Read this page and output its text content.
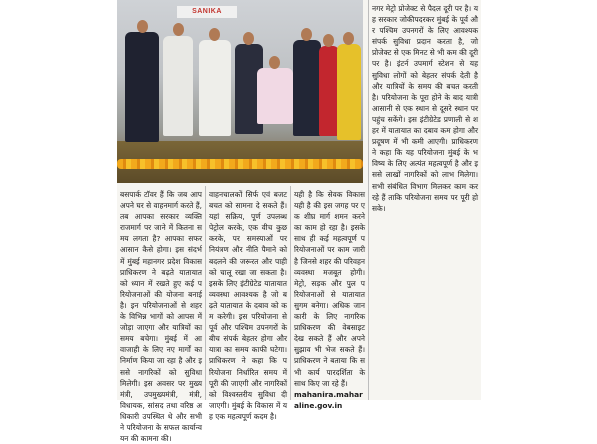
SANIKA

बसपार्क टॉवर हैं कि जब आप अपने घर से वाहनमार्ग करते हैं, तब आपका सरकार व्यक्ति राजमार्ग पर जाने में कितना समय लगता है? आपका सफर आसान कैसे होगा। इस संदर्भ में मुंबई महानगर प्रदेश विकास प्राधिकरण ने बढ़ते यातायात को ध्यान में रखते हुए कई परियोजनाओं की योजना बनाई है। इन परियोजनाओं से शहर के विभिन्न भागों को आपस में जोड़ा जाएगा और यात्रियों का समय बचेगा। मुंबई में आवाजाही के लिए नए मार्गों का निर्माण किया जा रहा है और इससे नागरिकों को सुविधा मिलेगी। इस अवसर पर मुख्यमंत्री, उपमुख्यमंत्री, मंत्री, विधायक, सांसद तथा वरिष्ठ अधिकारी उपस्थित थे और सभी ने परियोजना के सफल कार्यान्वयन की कामना की।

वाहनचालकों सिर्फ एवं बजटबचत को सामना दे सकते हैं। यहां सक्रिय, पूर्ण उपलब्ध पेट्रोल करके, एक वीच कुछ करके, पर समस्याओं पर नियंत्रण और नीति पैमाने को बदलने की जरूरत और पाही को चालू रखा जा सकता है। इसके लिए इंटीग्रेटेड यातायात व्यवस्था आवश्यक है जो बढ़ते यातायात के दबाव को कम करेगी। इस परियोजना से पूर्व और पश्चिम उपनगरों के बीच संपर्क बेहतर होगा और यात्रा का समय काफी घटेगा। प्राधिकरण ने कहा कि परियोजना निर्धारित समय में पूरी की जाएगी और नागरिकों को विश्वस्तरीय सुविधा दी जाएगी। मुंबई के विकास में यह एक महत्वपूर्ण कदम है।

यही है कि सेवक विकास यही है की इस जगह पर एक शीघ्र मार्ग शमन करने का काम हो रहा है। इसके साथ ही कई महत्वपूर्ण परियोजनाओं पर काम जारी है जिनसे शहर की परिवहन व्यवस्था मजबूत होगी। मेट्रो, सड़क और पुल परियोजनाओं से यातायात सुगम बनेगा। अधिक जानकारी के लिए नागरिक प्राधिकरण की वेबसाइट देख सकते हैं और अपने सुझाव भी भेज सकते हैं। प्राधिकरण ने बताया कि सभी कार्य पारदर्शिता के साथ किए जा रहे हैं।

mahanira.maharaline.gov.in

नगर मेट्रो प्रोजेक्ट से पैदल दूरी पर है। यह सरकार जोकीपदरकर मुंबई के पूर्व और पश्चिम उपनगरों के लिए आवश्यक संपर्क सुविधा प्रदान करता है, जो प्रोजेक्ट से एक मिनट से भी कम की दूरी पर है। इंटर्न उपमार्ग स्टेशन से यह सुविधा लोगों को बेहतर संपर्क देती है और यात्रियों के समय की बचत करती है। परियोजना के पूरा होने के बाद यात्री आसानी से एक स्थान से दूसरे स्थान पर पहुंच सकेंगे। इस इंटीग्रेटेड प्रणाली से शहर में यातायात का दबाव कम होगा और प्रदूषण में भी कमी आएगी। प्राधिकरण ने कहा कि यह परियोजना मुंबई के भविष्य के लिए अत्यंत महत्वपूर्ण है और इससे लाखों नागरिकों को लाभ मिलेगा। सभी संबंधित विभाग मिलकर काम कर रहे हैं ताकि परियोजना समय पर पूरी हो सके।
